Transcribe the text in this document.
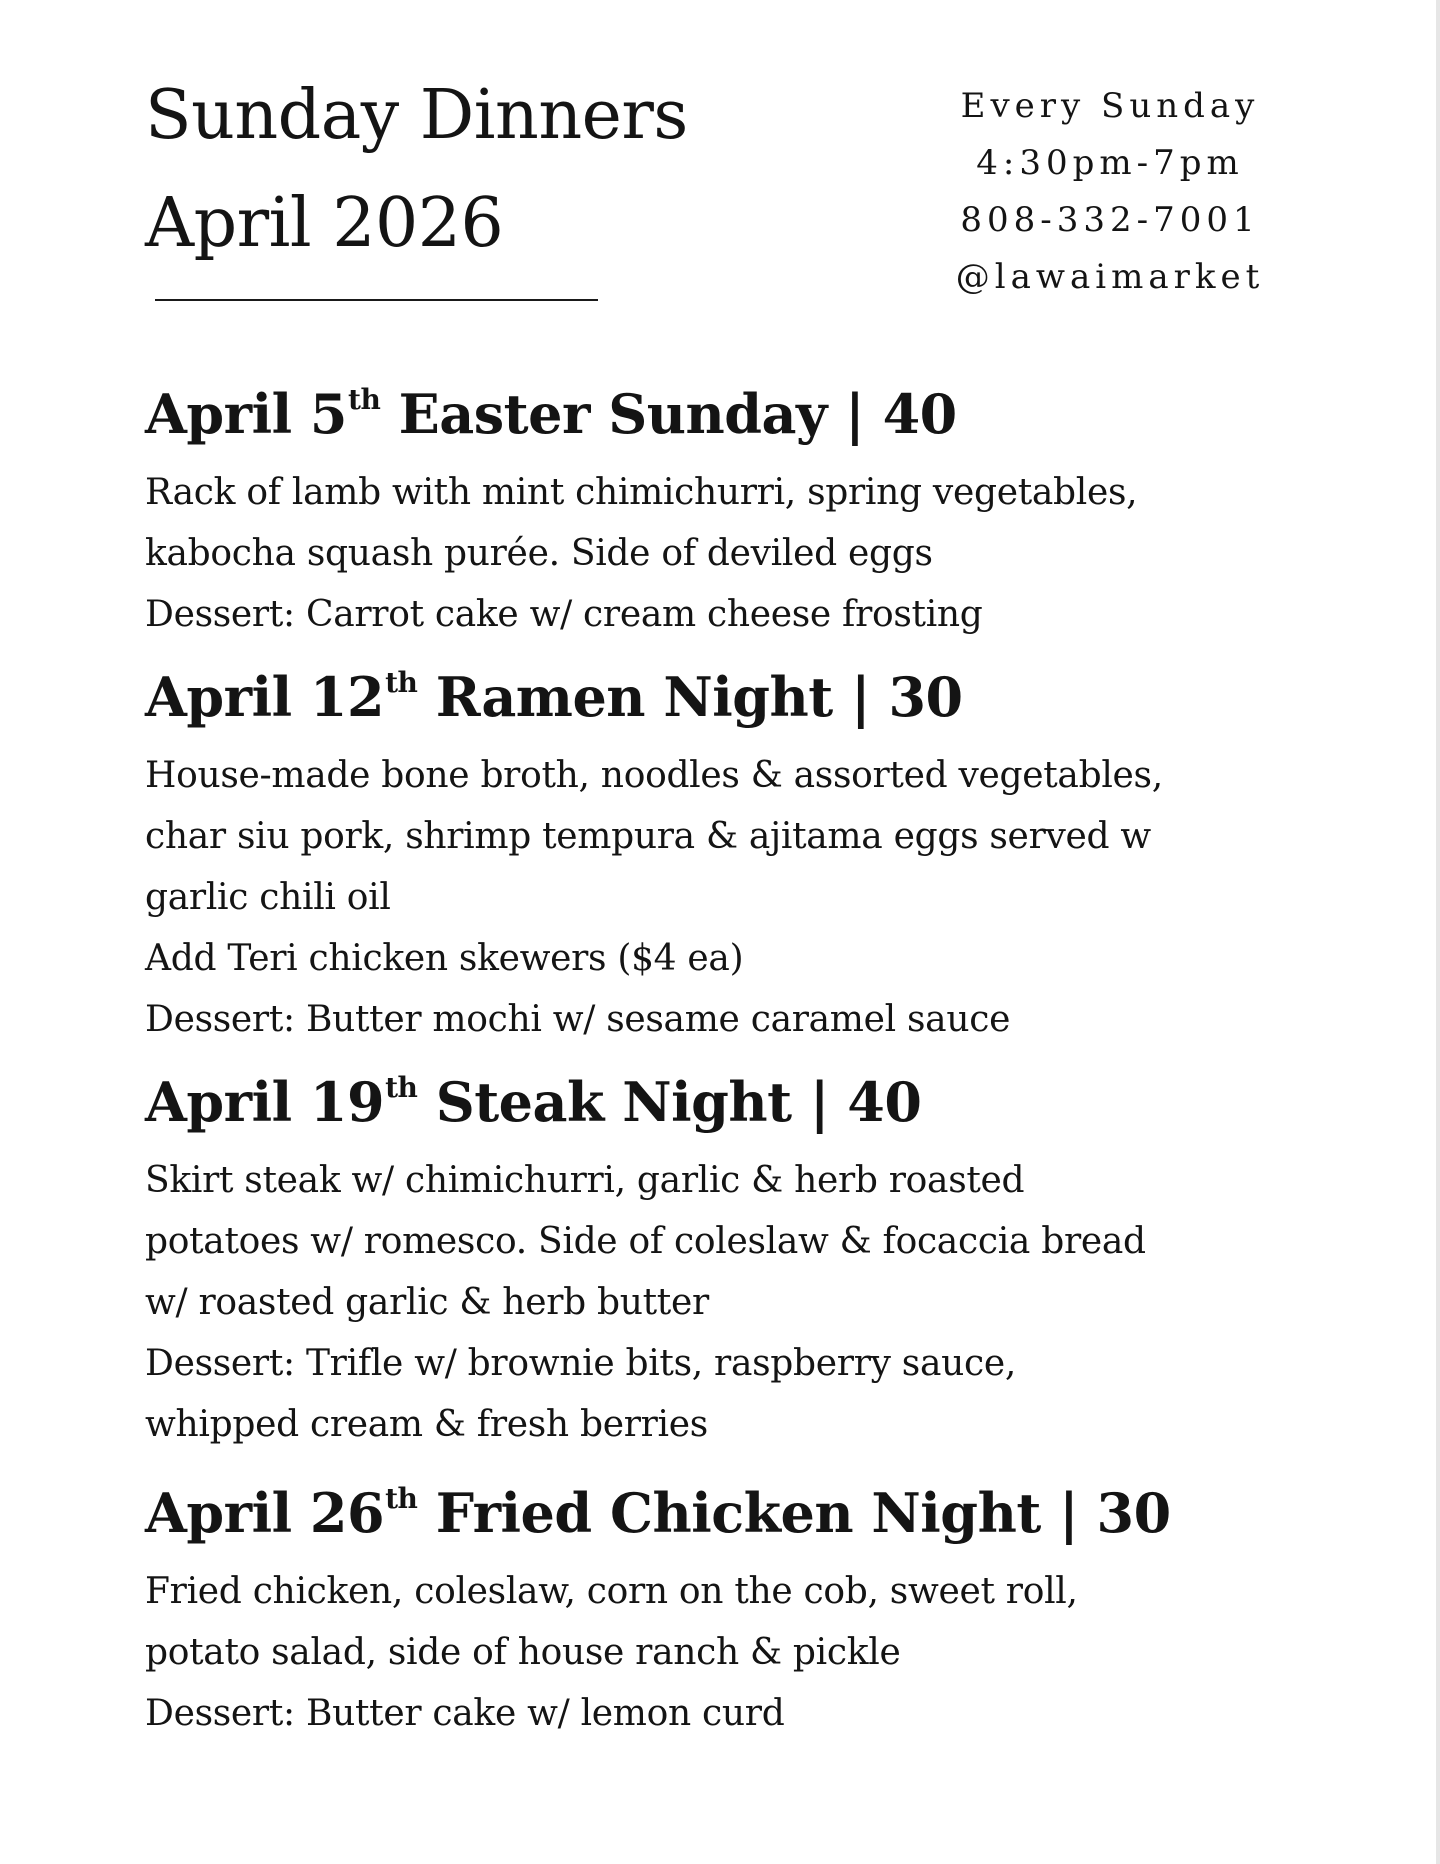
Sunday Dinners
April 2026
Every Sunday
4:30pm-7pm
808-332-7001
@lawaimarket
April 5th Easter Sunday | 40
Rack of lamb with mint chimichurri, spring vegetables,
kabocha squash purée. Side of deviled eggs
Dessert: Carrot cake w/ cream cheese frosting
April 12th Ramen Night | 30
House-made bone broth, noodles & assorted vegetables,
char siu pork, shrimp tempura & ajitama eggs served w
garlic chili oil
Add Teri chicken skewers ($4 ea)
Dessert: Butter mochi w/ sesame caramel sauce
April 19th Steak Night | 40
Skirt steak w/ chimichurri, garlic & herb roasted
potatoes w/ romesco. Side of coleslaw & focaccia bread
w/ roasted garlic & herb butter
Dessert: Trifle w/ brownie bits, raspberry sauce,
whipped cream & fresh berries
April 26th Fried Chicken Night | 30
Fried chicken, coleslaw, corn on the cob, sweet roll,
potato salad, side of house ranch & pickle
Dessert: Butter cake w/ lemon curd
